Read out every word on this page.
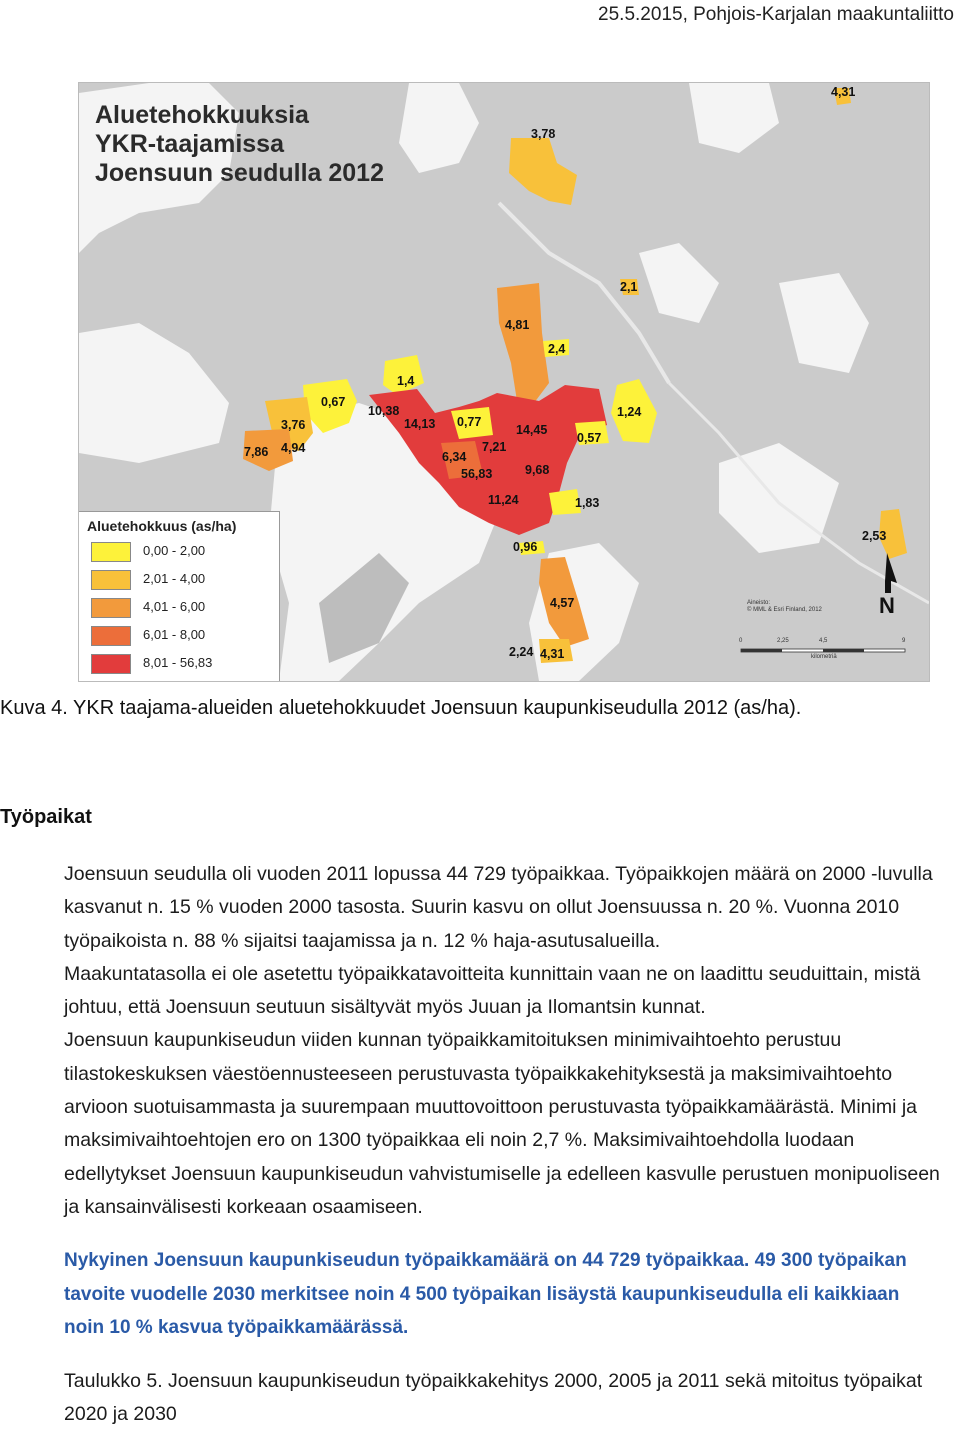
25.5.2015, Pohjois-Karjalan maakuntaliitto
Aluetehokkuuksia
YKR-taajamissa
Joensuun seudulla 2012
4,31
3,78
2,1
4,81
2,4
1,4
0,67
3,76
4,94
7,86
10,38
14,13 0,77
14,45
0,57
1,24
7,21
6,34
56,83	9,68
11,24	1,83
0,96
2,53
4,57
2,24 4,31
Aluetehokkuus (as/ha)
0,00 - 2,00
2,01 - 4,00
4,01 - 6,00
6,01 - 8,00
8,01 - 56,83
Aineisto:
© MML & Esri Finland, 2012	N
0	2,25	4,5	9
kilometriä
Kuva 4. YKR taajama-alueiden aluetehokkuudet Joensuun kaupunkiseudulla 2012 (as/ha).
Työpaikat

Joensuun seudulla oli vuoden 2011 lopussa 44 729 työpaikkaa. Työpaikkojen määrä on 2000 -luvulla kasvanut n. 15 % vuoden 2000 tasosta. Suurin kasvu on ollut Joensuussa n. 20 %. Vuonna 2010 työpaikoista n. 88 % sijaitsi taajamissa ja n. 12 % haja-asutusalueilla.

Maakuntatasolla ei ole asetettu työpaikkatavoitteita kunnittain vaan ne on laadittu seuduittain, mistä johtuu, että Joensuun seutuun sisältyvät myös Juuan ja Ilomantsin kunnat.

Joensuun kaupunkiseudun viiden kunnan työpaikkamitoituksen minimivaihtoehto perustuu tilastokeskuksen väestöennusteeseen perustuvasta työpaikkakehityksestä ja maksimivaihtoehto arvioon suotuisammasta ja suurempaan muuttovoittoon perustuvasta työpaikkamäärästä. Minimi ja maksimivaihtoehtojen ero on 1300 työpaikkaa eli noin 2,7 %. Maksimivaihtoehdolla luodaan edellytykset Joensuun kaupunkiseudun vahvistumiselle ja edelleen kasvulle perustuen monipuoliseen ja kansainvälisesti korkeaan osaamiseen.

Nykyinen Joensuun kaupunkiseudun työpaikkamäärä on 44 729 työpaikkaa. 49 300 työpaikan tavoite vuodelle 2030 merkitsee noin 4 500 työpaikan lisäystä kaupunkiseudulla eli kaikkiaan noin 10 % kasvua työpaikkamäärässä.
Taulukko 5. Joensuun kaupunkiseudun työpaikkakehitys 2000, 2005 ja 2011 sekä mitoitus työpaikat 2020 ja 2030
